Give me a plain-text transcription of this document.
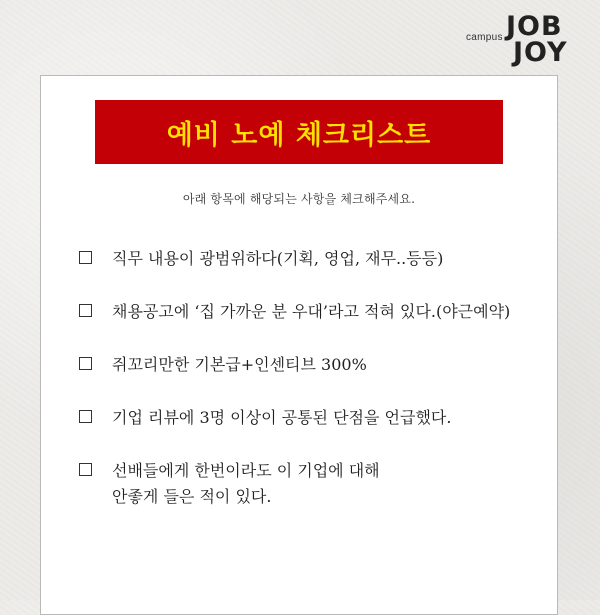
campus JOB
JOY
예비 노예 체크리스트
아래 항목에 해당되는 사항을 체크해주세요.
직무 내용이 광범위하다(기획, 영업, 재무..등등)
채용공고에 ‘집 가까운 분 우대’라고 적혀 있다.(야근예약)
쥐꼬리만한 기본급+인센티브 300%
기업 리뷰에 3명 이상이 공통된 단점을 언급했다.
선배들에게 한번이라도 이 기업에 대해
안좋게 들은 적이 있다.
